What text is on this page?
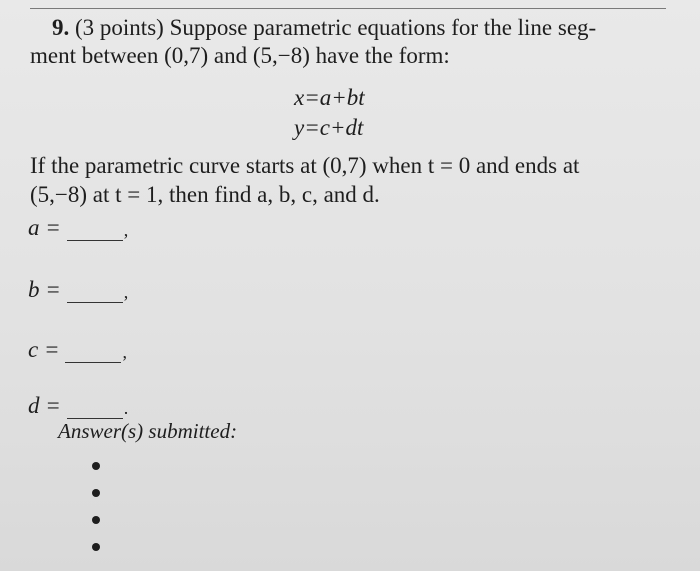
9. (3 points) Suppose parametric equations for the line seg-
ment between (0,7) and (5,−8) have the form:
x=a+bt
y=c+dt
If the parametric curve starts at (0,7) when t = 0 and ends at
(5,−8) at t = 1, then find a, b, c, and d.
a =	,
b =	,
c =	,
d =	.
Answer(s) submitted:
